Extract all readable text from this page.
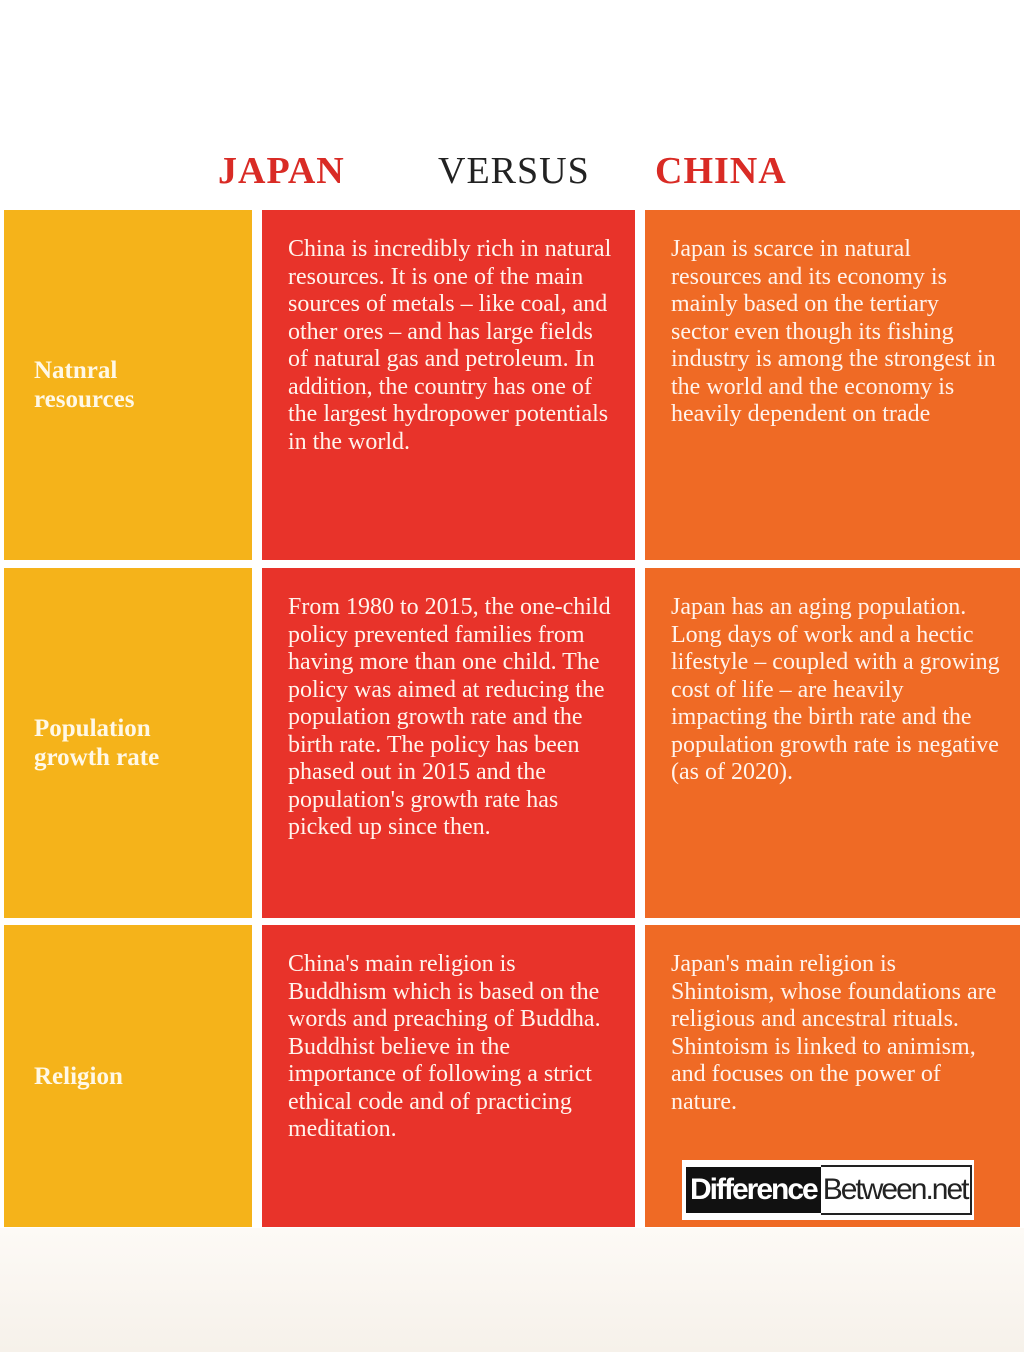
JAPAN VERSUS CHINA
Natnral
resources

China is incredibly rich in natural resources. It is one of the main sources of metals – like coal, and other ores – and has large fields of natural gas and petroleum. In addition, the country has one of the largest hydropower potentials in the world.

Japan is scarce in natural resources and its economy is mainly based on the tertiary sector even though its fishing industry is among the strongest in the world and the economy is heavily dependent on trade

Population
growth rate

From 1980 to 2015, the one-child policy prevented families from having more than one child. The policy was aimed at reducing the population growth rate and the birth rate. The policy has been phased out in 2015 and the population's growth rate has picked up since then.

Japan has an aging population. Long days of work and a hectic lifestyle – coupled with a growing cost of life – are heavily impacting the birth rate and the population growth rate is negative (as of 2020).

Religion

China's main religion is Buddhism which is based on the words and preaching of Buddha. Buddhist believe in the importance of following a strict ethical code and of practicing meditation.

Japan's main religion is Shintoism, whose foundations are religious and ancestral rituals. Shintoism is linked to animism, and focuses on the power of nature.

Difference Between.net
